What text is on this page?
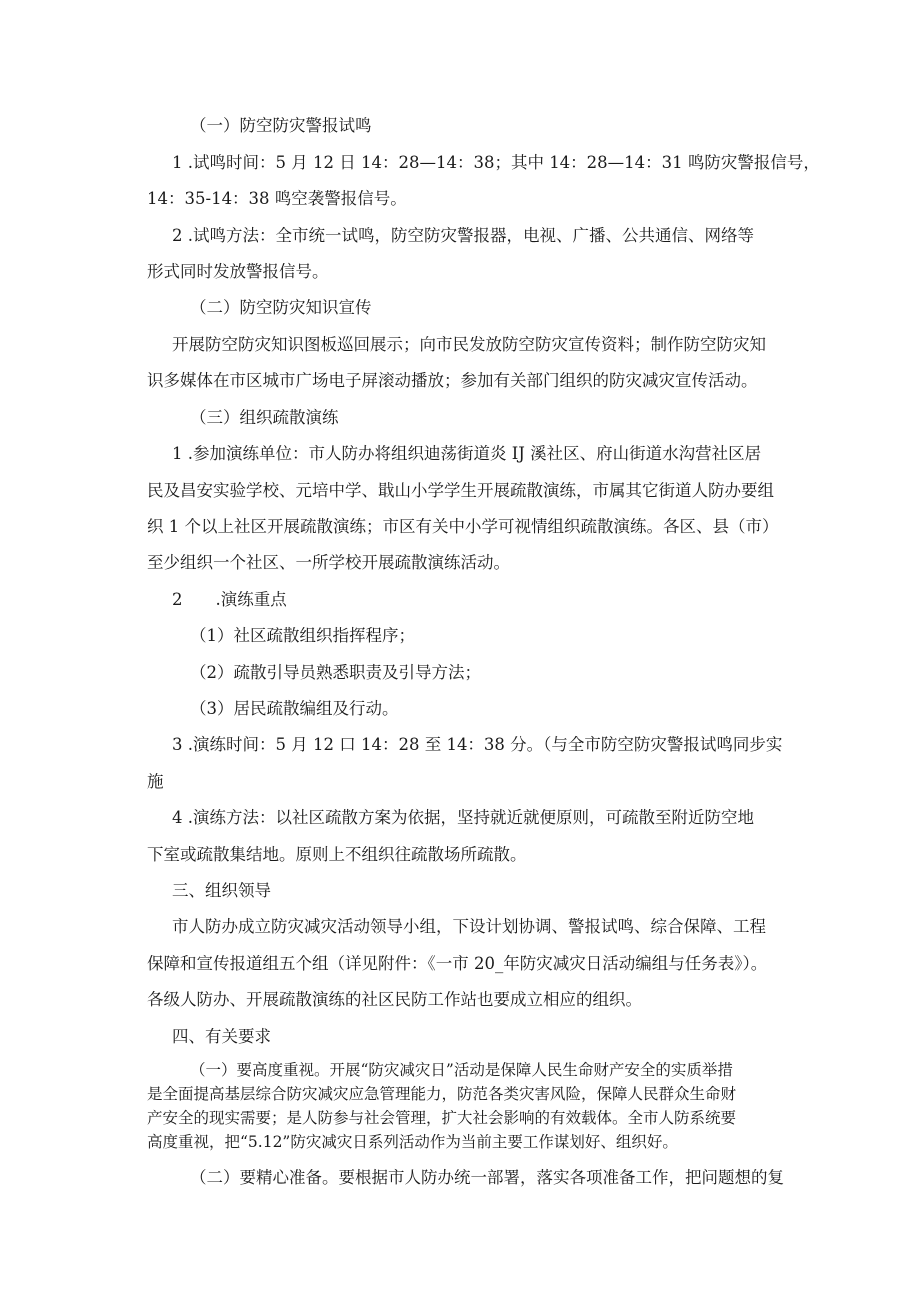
（一）防空防灾警报试鸣

1 .试鸣时间：5 月 12 日 14：28—14：38；其中 14：28—14：31 鸣防灾警报信号，

14：35-14：38 鸣空袭警报信号。

2 .试鸣方法：全市统一试鸣，防空防灾警报器，电视、广播、公共通信、网络等

形式同时发放警报信号。

（二）防空防灾知识宣传

开展防空防灾知识图板巡回展示；向市民发放防空防灾宣传资料；制作防空防灾知

识多媒体在市区城市广场电子屏滚动播放；参加有关部门组织的防灾减灾宣传活动。

（三）组织疏散演练

1 .参加演练单位：市人防办将组织迪荡街道炎 IJ 溪社区、府山街道水沟营社区居

民及昌安实验学校、元培中学、戢山小学学生开展疏散演练，市属其它街道人防办要组

织 1 个以上社区开展疏散演练；市区有关中小学可视情组织疏散演练。各区、县（市）

至少组织一个社区、一所学校开展疏散演练活动。

2　　.演练重点

（1）社区疏散组织指挥程序；

（2）疏散引导员熟悉职责及引导方法；

（3）居民疏散编组及行动。

3 .演练时间：5 月 12 口 14：28 至 14：38 分。（与全市防空防灾警报试鸣同步实

施

4 .演练方法：以社区疏散方案为依据，坚持就近就便原则，可疏散至附近防空地

下室或疏散集结地。原则上不组织往疏散场所疏散。

三、组织领导

市人防办成立防灾减灾活动领导小组，下设计划协调、警报试鸣、综合保障、工程

保障和宣传报道组五个组（详见附件：《一市 20_年防灾减灾日活动编组与任务表》）。

各级人防办、开展疏散演练的社区民防工作站也要成立相应的组织。

四、有关要求

（一）要高度重视。开展“防灾减灾日”活动是保障人民生命财产安全的实质举措

是全面提高基层综合防灾减灾应急管理能力，防范各类灾害风险，保障人民群众生命财

产安全的现实需要；是人防参与社会管理，扩大社会影响的有效载体。全市人防系统要

高度重视，把“5.12”防灾减灾日系列活动作为当前主要工作谋划好、组织好。

（二）要精心准备。要根据市人防办统一部署，落实各项准备工作，把问题想的复
